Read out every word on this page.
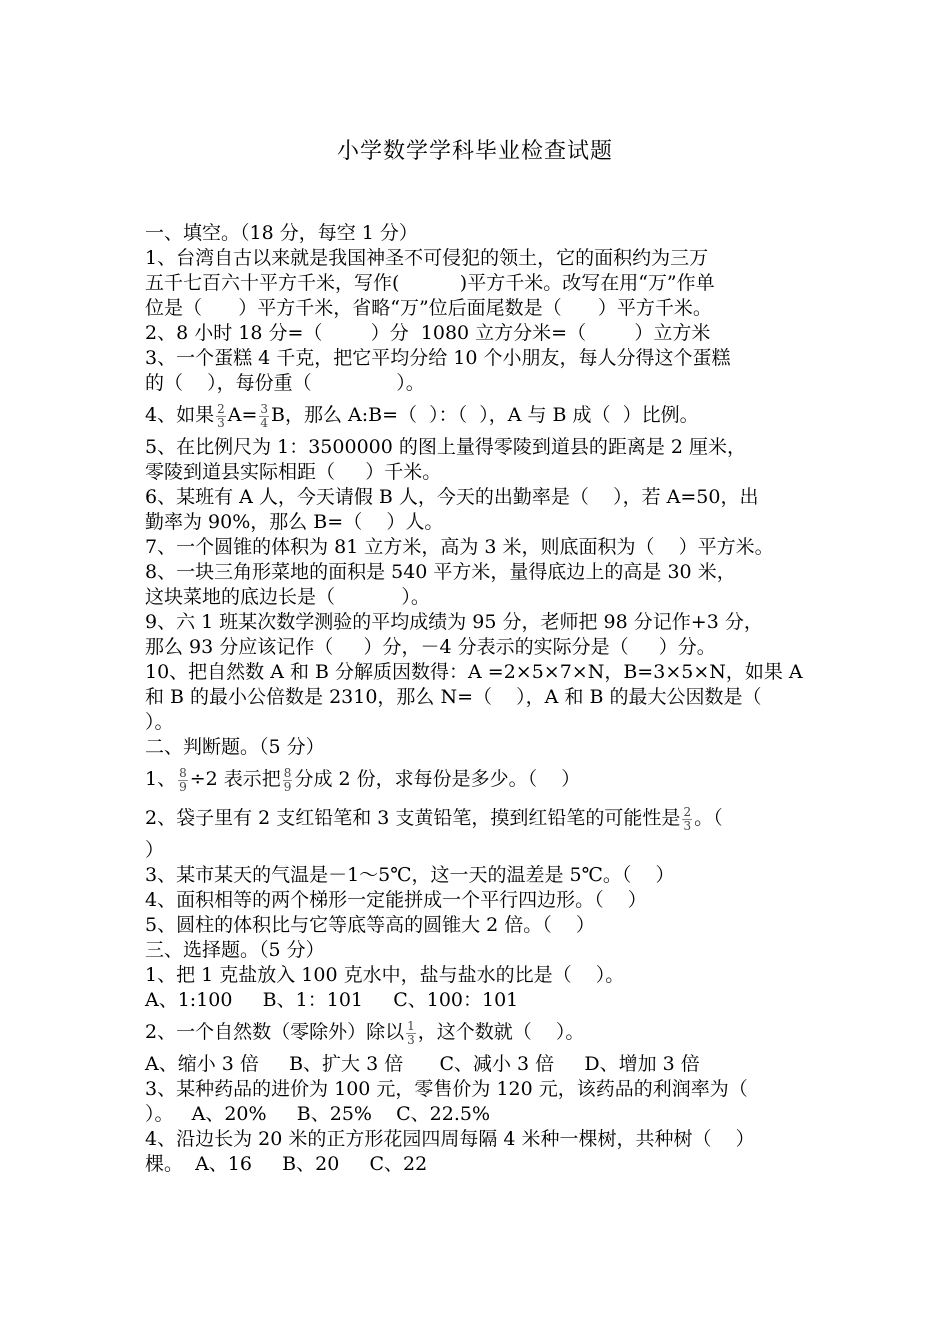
小学数学学科毕业检查试题
一、填空。（18 分，每空 1 分）
1、台湾自古以来就是我国神圣不可侵犯的领土，它的面积约为三万
五千七百六十平方千米，写作(          )平方千米。改写在用“万”作单
位是（      ）平方千米，省略“万”位后面尾数是（      ）平方千米。
2、8 小时 18 分=（        ）分  1080 立方分米=（        ）立方米
3、一个蛋糕 4 千克，把它平均分给 10 个小朋友，每人分得这个蛋糕
的（    ），每份重（              ）。
4、如果 $\frac{2}{3} A= \frac{3}{4}$ B，那么 A:B=（  ）：（  ），A 与 B 成（  ）比例。
5、在比例尺为 1：3500000 的图上量得零陵到道县的距离是 2 厘米，
零陵到道县实际相距（     ）千米。
6、某班有 A 人，今天请假 B 人，今天的出勤率是（    ），若 A=50，出
勤率为 90%，那么 B=（    ）人。
7、一个圆锥的体积为 81 立方米，高为 3 米，则底面积为（    ）平方米。
8、一块三角形菜地的面积是 540 平方米，量得底边上的高是 30 米，
这块菜地的底边长是（           ）。
9、六 1 班某次数学测验的平均成绩为 95 分，老师把 98 分记作+3 分，
那么 93 分应该记作（     ）分，－4 分表示的实际分是（     ）分。
10、把自然数 A 和 B 分解质因数得：A =2×5×7×N，B=3×5×N，如果 A
和 B 的最小公倍数是 2310，那么 N=（    ），A 和 B 的最大公因数是（
）。
二、判断题。（5 分）
1、 $\frac{8}{9} \div 2$ 表示把 $\frac{8}{9}$ 分成 2 份，求每份是多少。（    ）
2、袋子里有 2 支红铅笔和 3 支黄铅笔，摸到红铅笔的可能性是 $\frac{2}{3}$ 。（
）
3、某市某天的气温是－1～5℃，这一天的温差是 5℃。（    ）
4、面积相等的两个梯形一定能拼成一个平行四边形。（    ）
5、圆柱的体积比与它等底等高的圆锥大 2 倍。（    ）
三、选择题。（5 分）
1、把 1 克盐放入 100 克水中，盐与盐水的比是（    ）。
A、1:100     B、1：101     C、100：101
2、一个自然数（零除外）除以 $\frac{1}{3}$ ，这个数就（    ）。
A、缩小 3 倍     B、扩大 3 倍      C、减小 3 倍     D、增加 3 倍
3、某种药品的进价为 100 元，零售价为 120 元，该药品的利润率为（
）。   A、20%     B、25%    C、22.5%
4、沿边长为 20 米的正方形花园四周每隔 4 米种一棵树，共种树（    ）
棵。  A、16     B、20     C、22
